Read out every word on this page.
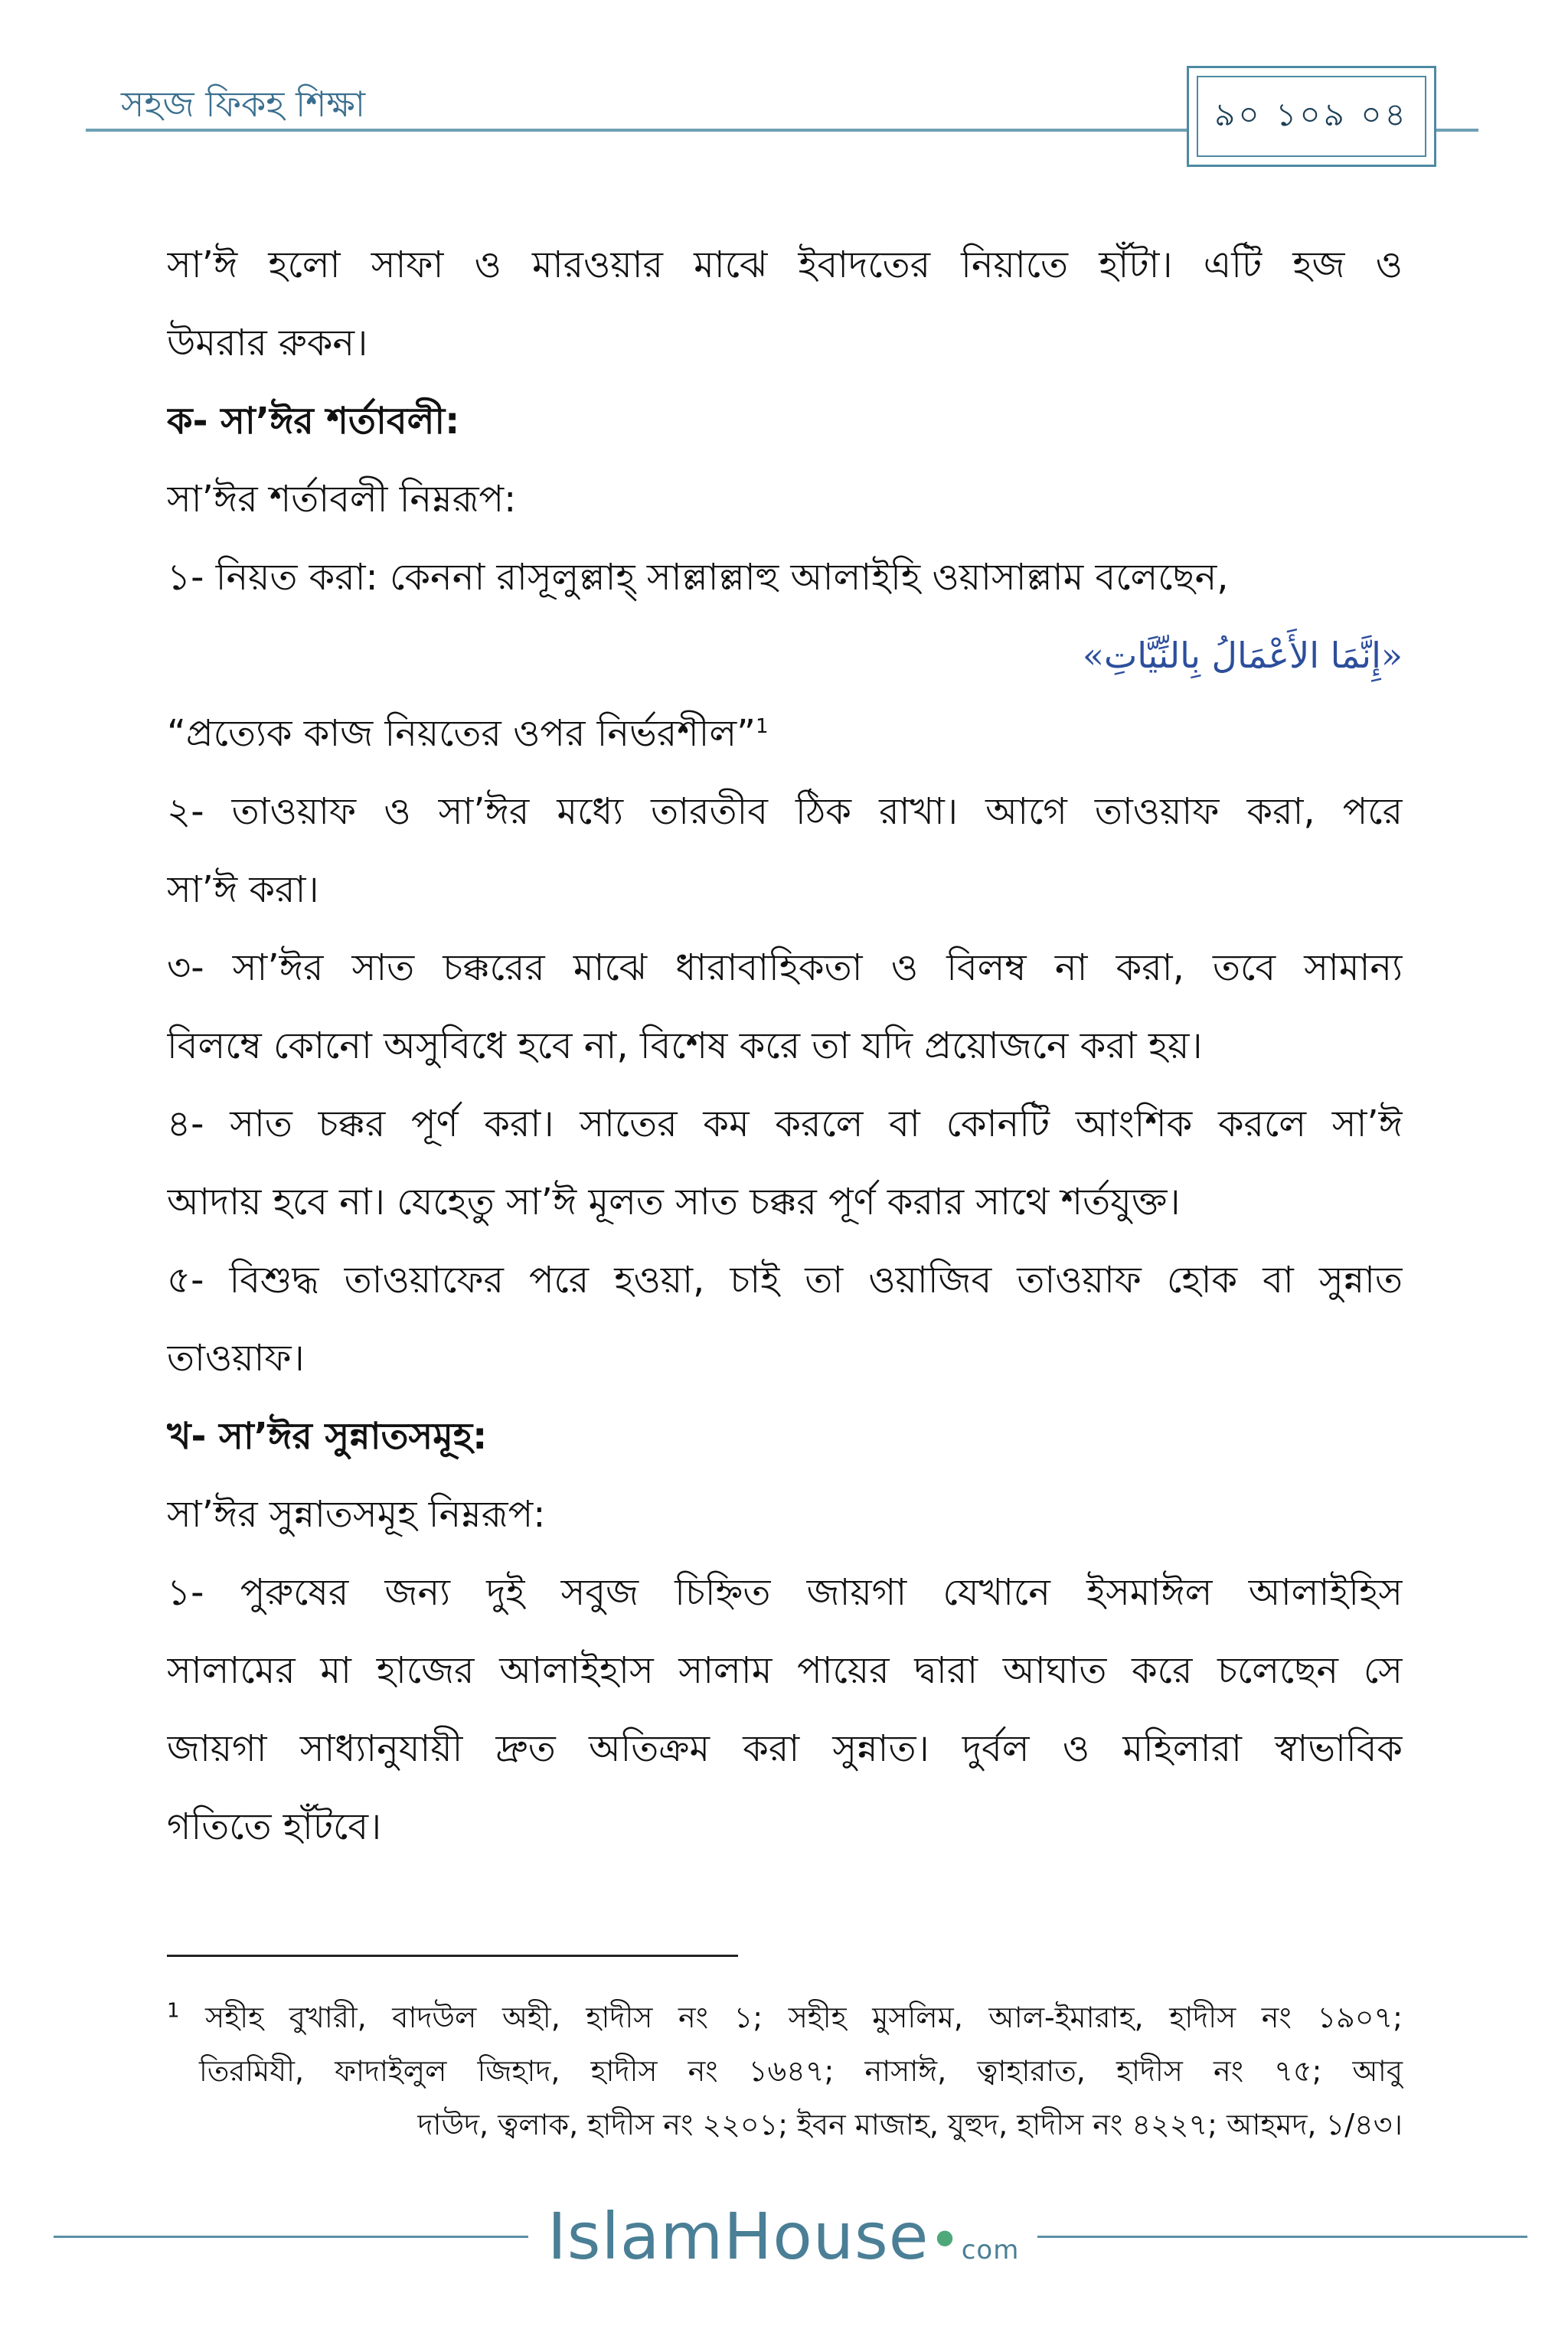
সহজ ফিকহ শিক্ষা	৯০ ১০৯ ০৪
সা’ঈ হলো সাফা ও মারওয়ার মাঝে ইবাদতের নিয়াতে হাঁটা। এটি হজ ও
উমরার রুকন।
ক- সা’ঈর শর্তাবলী:
সা’ঈর শর্তাবলী নিম্নরূপ:
১- নিয়ত করা: কেননা রাসূলুল্লাহ্ সাল্লাল্লাহু আলাইহি ওয়াসাল্লাম বলেছেন,
«إِنَّمَا الأَعْمَالُ بِالنِّيَّاتِ»
“প্রত্যেক কাজ নিয়তের ওপর নির্ভরশীল”$^1$
২- তাওয়াফ ও সা’ঈর মধ্যে তারতীব ঠিক রাখা। আগে তাওয়াফ করা, পরে
সা’ঈ করা।
৩- সা’ঈর সাত চক্করের মাঝে ধারাবাহিকতা ও বিলম্ব না করা, তবে সামান্য
বিলম্বে কোনো অসুবিধে হবে না, বিশেষ করে তা যদি প্রয়োজনে করা হয়।
৪- সাত চক্কর পূর্ণ করা। সাতের কম করলে বা কোনটি আংশিক করলে সা’ঈ
আদায় হবে না। যেহেতু সা’ঈ মূলত সাত চক্কর পূর্ণ করার সাথে শর্তযুক্ত।
৫- বিশুদ্ধ তাওয়াফের পরে হওয়া, চাই তা ওয়াজিব তাওয়াফ হোক বা সুন্নাত
তাওয়াফ।
খ- সা’ঈর সুন্নাতসমূহ:
সা’ঈর সুন্নাতসমূহ নিম্নরূপ:
১- পুরুষের জন্য দুই সবুজ চিহ্নিত জায়গা যেখানে ইসমাঈল আলাইহিস
সালামের মা হাজের আলাইহাস সালাম পায়ের দ্বারা আঘাত করে চলেছেন সে
জায়গা সাধ্যানুযায়ী দ্রুত অতিক্রম করা সুন্নাত। দুর্বল ও মহিলারা স্বাভাবিক
গতিতে হাঁটবে।
$^1$ সহীহ বুখারী, বাদউল অহী, হাদীস নং ১; সহীহ মুসলিম, আল-ইমারাহ, হাদীস নং ১৯০৭;
তিরমিযী, ফাদাইলুল জিহাদ, হাদীস নং ১৬৪৭; নাসাঈ, ত্বাহারাত, হাদীস নং ৭৫; আবু
দাউদ, ত্বলাক, হাদীস নং ২২০১; ইবন মাজাহ, যুহুদ, হাদীস নং ৪২২৭; আহমদ, ১/৪৩।
IslamHouse•com
